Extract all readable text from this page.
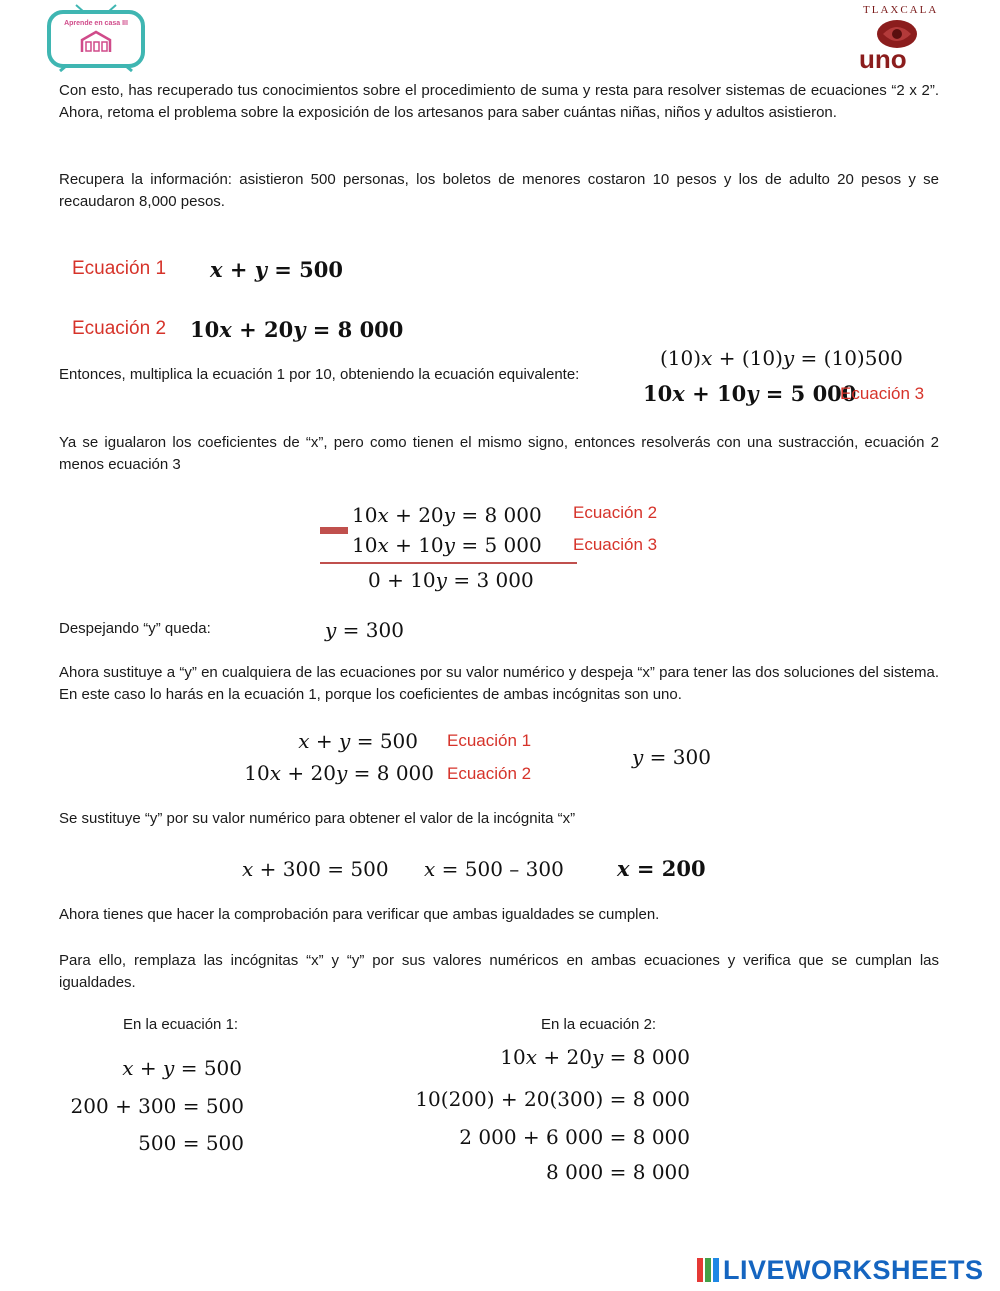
Aprende en casa III
TLAXCALA
uno
Con esto, has recuperado tus conocimientos sobre el procedimiento de suma y resta para resolver sistemas de ecuaciones “2 x 2”. Ahora, retoma el problema sobre la exposición de los artesanos para saber cuántas niñas, niños y adultos asistieron.
Recupera la información: asistieron 500 personas, los boletos de menores costaron 10 pesos y los de adulto 20 pesos y se recaudaron 8,000 pesos.
Ecuación 1 x + y = 500
Ecuación 2 10x + 20y = 8 000
Entonces, multiplica la ecuación 1 por 10, obteniendo la ecuación equivalente:
(10)x + (10)y = (10)500
10x + 10y = 5 000
Ecuación 3
Ya se igualaron los coeficientes de “x”, pero como tienen el mismo signo, entonces resolverás con una sustracción, ecuación 2 menos ecuación 3
10x + 20y = 8 000 Ecuación 2
10x + 10y = 5 000 Ecuación 3
0 + 10y = 3 000
Despejando “y” queda:	y = 300
Ahora sustituye a “y” en cualquiera de las ecuaciones por su valor numérico y despeja “x” para tener las dos soluciones del sistema. En este caso lo harás en la ecuación 1, porque los coeficientes de ambas incógnitas son uno.
x + y = 500 Ecuación 1
10x + 20y = 8 000 Ecuación 2
y = 300
Se sustituye “y” por su valor numérico para obtener el valor de la incógnita “x”
x + 300 = 500 x = 500 – 300	x = 200
Ahora tienes que hacer la comprobación para verificar que ambas igualdades se cumplen.
Para ello, remplaza las incógnitas “x” y “y” por sus valores numéricos en ambas ecuaciones y verifica que se cumplan las igualdades.
En la ecuación 1:
x + y = 500
200 + 300 = 500
500 = 500
En la ecuación 2:
10x + 20y = 8 000
10(200) + 20(300) = 8 000
2 000 + 6 000 = 8 000
8 000 = 8 000
LIVEWORKSHEETS
